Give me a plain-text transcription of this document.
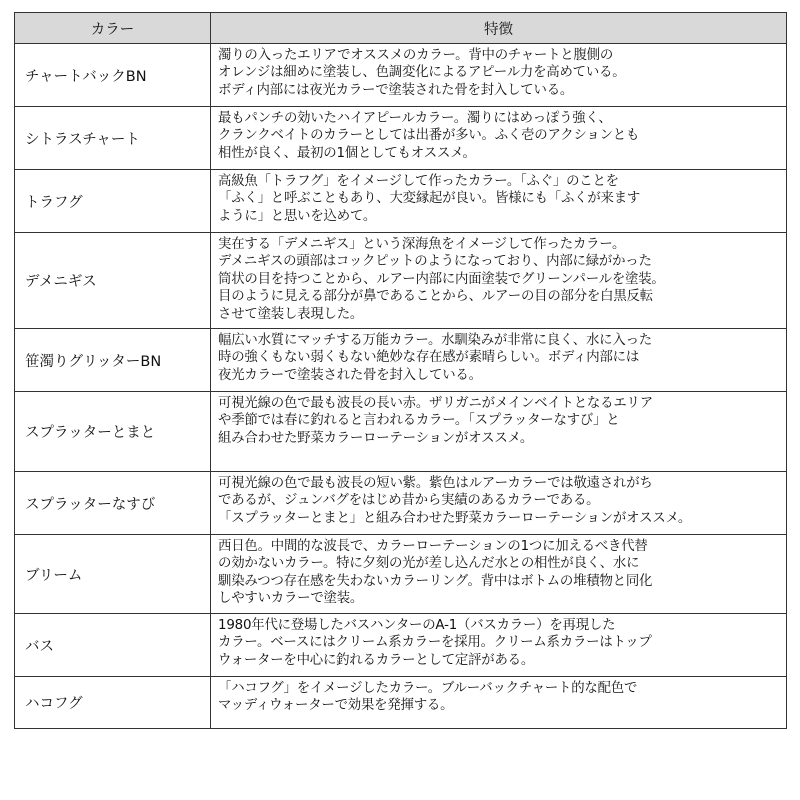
カラー	特徴
チャートバックBN	濁りの入ったエリアでオススメのカラー。背中のチャートと腹側の
オレンジは細めに塗装し、色調変化によるアピール力を高めている。
ボディ内部には夜光カラーで塗装された骨を封入している。

シトラスチャート	最もパンチの効いたハイアピールカラー。濁りにはめっぽう強く、
クランクベイトのカラーとしては出番が多い。ふく壱のアクションとも
相性が良く、最初の1個としてもオススメ。

トラフグ	高級魚「トラフグ」をイメージして作ったカラー。「ふぐ」のことを
「ふく」と呼ぶこともあり、大変縁起が良い。皆様にも「ふくが来ます
ように」と思いを込めて。

デメニギス	実在する「デメニギス」という深海魚をイメージして作ったカラー。
デメニギスの頭部はコックピットのようになっており、内部に緑がかった
筒状の目を持つことから、ルアー内部に内面塗装でグリーンパールを塗装。
目のように見える部分が鼻であることから、ルアーの目の部分を白黒反転
させて塗装し表現した。

笹濁りグリッターBN	幅広い水質にマッチする万能カラー。水馴染みが非常に良く、水に入った
時の強くもない弱くもない絶妙な存在感が素晴らしい。ボディ内部には
夜光カラーで塗装された骨を封入している。

スプラッターとまと	可視光線の色で最も波長の長い赤。ザリガニがメインベイトとなるエリア
や季節では春に釣れると言われるカラー。「スプラッターなすび」と
組み合わせた野菜カラーローテーションがオススメ。

スプラッターなすび	可視光線の色で最も波長の短い紫。紫色はルアーカラーでは敬遠されがち
であるが、ジュンバグをはじめ昔から実績のあるカラーである。
「スプラッターとまと」と組み合わせた野菜カラーローテーションがオススメ。

ブリーム	西日色。中間的な波長で、カラーローテーションの1つに加えるべき代替
の効かないカラー。特に夕刻の光が差し込んだ水との相性が良く、水に
馴染みつつ存在感を失わないカラーリング。背中はボトムの堆積物と同化
しやすいカラーで塗装。

バス	1980年代に登場したバスハンターのA-1（バスカラー）を再現した
カラー。ベースにはクリーム系カラーを採用。クリーム系カラーはトップ
ウォーターを中心に釣れるカラーとして定評がある。

ハコフグ	「ハコフグ」をイメージしたカラー。ブルーバックチャート的な配色で
マッディウォーターで効果を発揮する。
